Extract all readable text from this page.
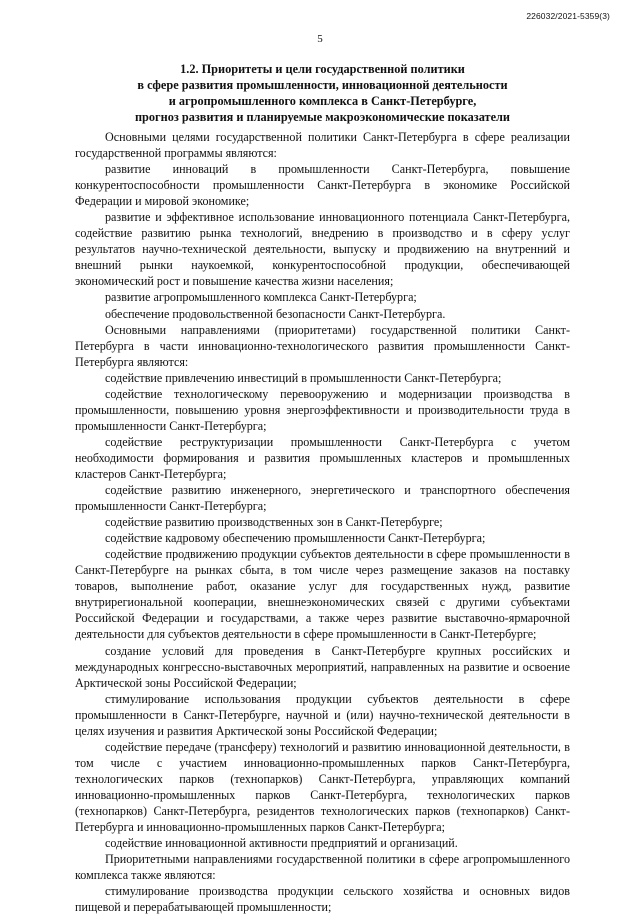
226032/2021-5359(3)
5
1.2. Приоритеты и цели государственной политики
в сфере развития промышленности, инновационной деятельности
и агропромышленного комплекса в Санкт-Петербурге,
прогноз развития и планируемые макроэкономические показатели

Основными целями государственной политики Санкт-Петербурга в сфере реализации государственной программы являются:

развитие инноваций в промышленности Санкт-Петербурга, повышение конкурентоспособности промышленности Санкт-Петербурга в экономике Российской Федерации и мировой экономике;

развитие и эффективное использование инновационного потенциала Санкт-Петербурга, содействие развитию рынка технологий, внедрению в производство и в сферу услуг результатов научно-технической деятельности, выпуску и продвижению на внутренний и внешний рынки наукоемкой, конкурентоспособной продукции, обеспечивающей экономический рост и повышение качества жизни населения;

развитие агропромышленного комплекса Санкт-Петербурга;

обеспечение продовольственной безопасности Санкт-Петербурга.

Основными направлениями (приоритетами) государственной политики Санкт-Петербурга в части инновационно-технологического развития промышленности Санкт-Петербурга являются:

содействие привлечению инвестиций в промышленности Санкт-Петербурга;

содействие технологическому перевооружению и модернизации производства в промышленности, повышению уровня энергоэффективности и производительности труда в промышленности Санкт-Петербурга;

содействие реструктуризации промышленности Санкт-Петербурга с учетом необходимости формирования и развития промышленных кластеров и промышленных кластеров Санкт-Петербурга;

содействие развитию инженерного, энергетического и транспортного обеспечения промышленности Санкт-Петербурга;

содействие развитию производственных зон в Санкт-Петербурге;

содействие кадровому обеспечению промышленности Санкт-Петербурга;

содействие продвижению продукции субъектов деятельности в сфере промышленности в Санкт-Петербурге на рынках сбыта, в том числе через размещение заказов на поставку товаров, выполнение работ, оказание услуг для государственных нужд, развитие внутрирегиональной кооперации, внешнеэкономических связей с другими субъектами Российской Федерации и государствами, а также через развитие выставочно-ярмарочной деятельности для субъектов деятельности в сфере промышленности в Санкт-Петербурге;

создание условий для проведения в Санкт-Петербурге крупных российских и международных конгрессно-выставочных мероприятий, направленных на развитие и освоение Арктической зоны Российской Федерации;

стимулирование использования продукции субъектов деятельности в сфере промышленности в Санкт-Петербурге, научной и (или) научно-технической деятельности в целях изучения и развития Арктической зоны Российской Федерации;

содействие передаче (трансферу) технологий и развитию инновационной деятельности, в том числе с участием инновационно-промышленных парков Санкт-Петербурга, технологических парков (технопарков) Санкт-Петербурга, управляющих компаний инновационно-промышленных парков Санкт-Петербурга, технологических парков (технопарков) Санкт-Петербурга, резидентов технологических парков (технопарков) Санкт-Петербурга и инновационно-промышленных парков Санкт-Петербурга;

содействие инновационной активности предприятий и организаций.

Приоритетными направлениями государственной политики в сфере агропромышленного комплекса также являются:

стимулирование производства продукции сельского хозяйства и основных видов пищевой и перерабатывающей промышленности;
